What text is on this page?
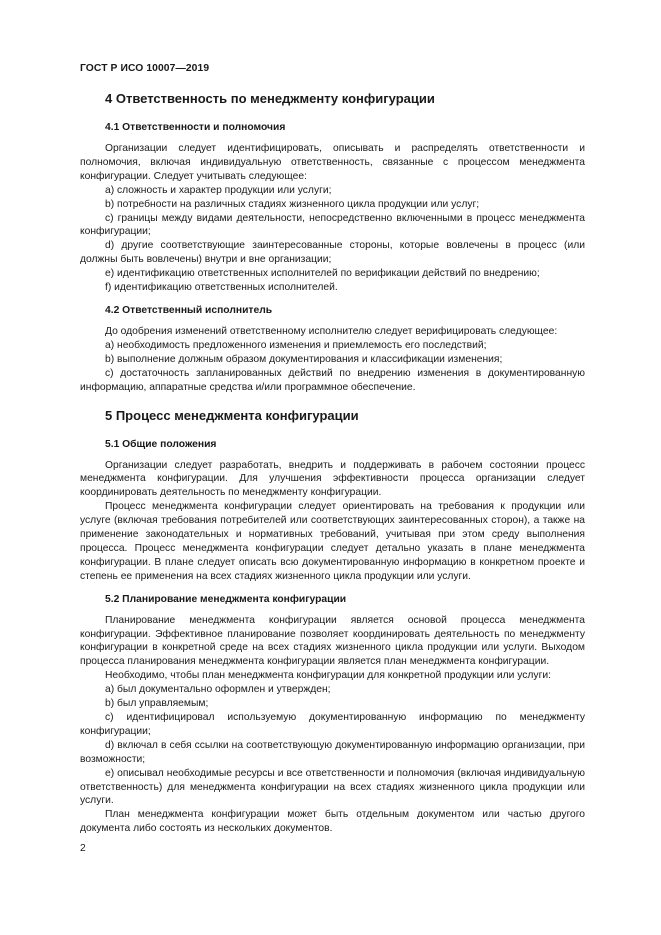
ГОСТ Р ИСО 10007—2019
4 Ответственность по менеджменту конфигурации
4.1 Ответственности и полномочия

Организации следует идентифицировать, описывать и распределять ответственности и полномочия, включая индивидуальную ответственность, связанные с процессом менеджмента конфигурации. Следует учитывать следующее:

a) сложность и характер продукции или услуги;

b) потребности на различных стадиях жизненного цикла продукции или услуг;

c) границы между видами деятельности, непосредственно включенными в процесс менеджмента конфигурации;

d) другие соответствующие заинтересованные стороны, которые вовлечены в процесс (или должны быть вовлечены) внутри и вне организации;

e) идентификацию ответственных исполнителей по верификации действий по внедрению;

f) идентификацию ответственных исполнителей.

4.2 Ответственный исполнитель

До одобрения изменений ответственному исполнителю следует верифицировать следующее:

a) необходимость предложенного изменения и приемлемость его последствий;

b) выполнение должным образом документирования и классификации изменения;

c) достаточность запланированных действий по внедрению изменения в документированную информацию, аппаратные средства и/или программное обеспечение.

5 Процесс менеджмента конфигурации
5.1 Общие положения

Организации следует разработать, внедрить и поддерживать в рабочем состоянии процесс менеджмента конфигурации. Для улучшения эффективности процесса организации следует координировать деятельность по менеджменту конфигурации.

Процесс менеджмента конфигурации следует ориентировать на требования к продукции или услуге (включая требования потребителей или соответствующих заинтересованных сторон), а также на применение законодательных и нормативных требований, учитывая при этом среду выполнения процесса. Процесс менеджмента конфигурации следует детально указать в плане менеджмента конфигурации. В плане следует описать всю документированную информацию в конкретном проекте и степень ее применения на всех стадиях жизненного цикла продукции или услуги.

5.2 Планирование менеджмента конфигурации

Планирование менеджмента конфигурации является основой процесса менеджмента конфигурации. Эффективное планирование позволяет координировать деятельность по менеджменту конфигурации в конкретной среде на всех стадиях жизненного цикла продукции или услуги. Выходом процесса планирования менеджмента конфигурации является план менеджмента конфигурации.

Необходимо, чтобы план менеджмента конфигурации для конкретной продукции или услуги:

a) был документально оформлен и утвержден;

b) был управляемым;

c) идентифицировал используемую документированную информацию по менеджменту конфигурации;

d) включал в себя ссылки на соответствующую документированную информацию организации, при возможности;

e) описывал необходимые ресурсы и все ответственности и полномочия (включая индивидуальную ответственность) для менеджмента конфигурации на всех стадиях жизненного цикла продукции или услуги.

План менеджмента конфигурации может быть отдельным документом или частью другого документа либо состоять из нескольких документов.

2
